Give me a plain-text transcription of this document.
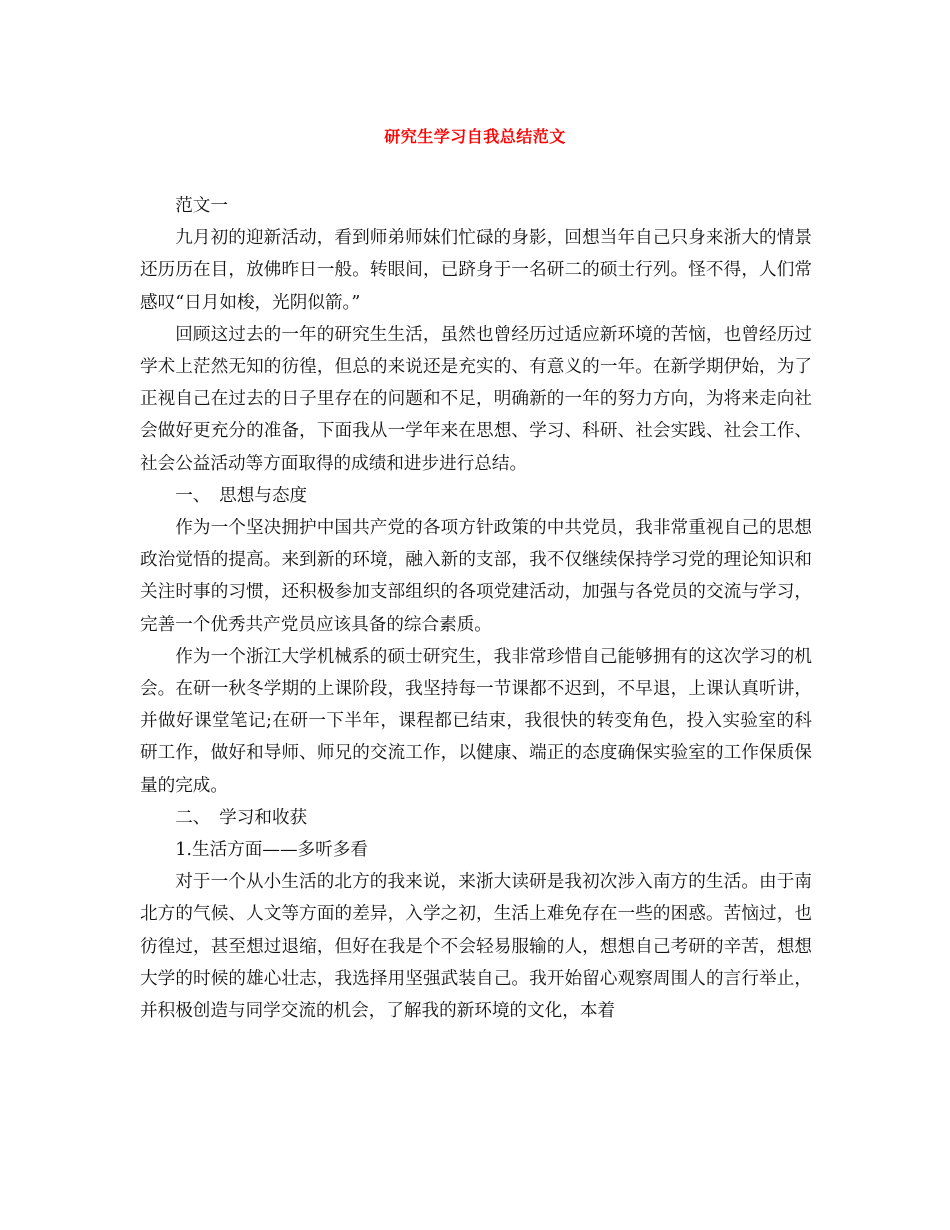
研究生学习自我总结范文

范文一

九月初的迎新活动，看到师弟师妹们忙碌的身影，回想当年自己只身来浙大的情景还历历在目，放佛昨日一般。转眼间，已跻身于一名研二的硕士行列。怪不得，人们常感叹“日月如梭，光阴似箭。”

回顾这过去的一年的研究生生活，虽然也曾经历过适应新环境的苦恼，也曾经历过学术上茫然无知的彷徨，但总的来说还是充实的、有意义的一年。在新学期伊始，为了正视自己在过去的日子里存在的问题和不足，明确新的一年的努力方向，为将来走向社会做好更充分的准备，下面我从一学年来在思想、学习、科研、社会实践、社会工作、社会公益活动等方面取得的成绩和进步进行总结。

一、　思想与态度

作为一个坚决拥护中国共产党的各项方针政策的中共党员，我非常重视自己的思想政治觉悟的提高。来到新的环境，融入新的支部，我不仅继续保持学习党的理论知识和关注时事的习惯，还积极参加支部组织的各项党建活动，加强与各党员的交流与学习，完善一个优秀共产党员应该具备的综合素质。

作为一个浙江大学机械系的硕士研究生，我非常珍惜自己能够拥有的这次学习的机会。在研一秋冬学期的上课阶段，我坚持每一节课都不迟到，不早退，上课认真听讲，并做好课堂笔记;在研一下半年，课程都已结束，我很快的转变角色，投入实验室的科研工作，做好和导师、师兄的交流工作，以健康、端正的态度确保实验室的工作保质保量的完成。

二、　学习和收获

1.生活方面——多听多看

对于一个从小生活的北方的我来说，来浙大读研是我初次涉入南方的生活。由于南北方的气候、人文等方面的差异，入学之初，生活上难免存在一些的困惑。苦恼过，也彷徨过，甚至想过退缩，但好在我是个不会轻易服输的人，想想自己考研的辛苦，想想大学的时候的雄心壮志，我选择用坚强武装自己。我开始留心观察周围人的言行举止，并积极创造与同学交流的机会，了解我的新环境的文化，本着
